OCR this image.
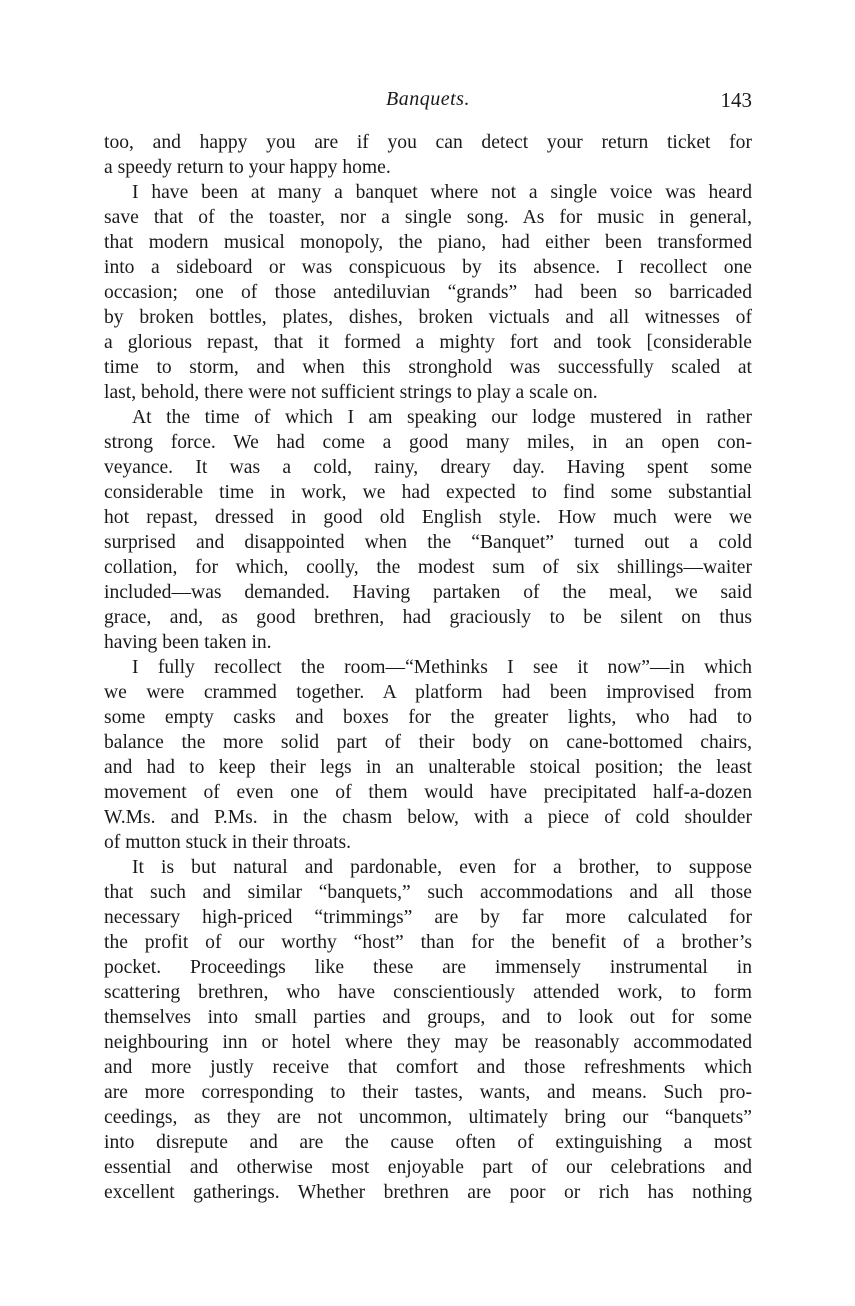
Banquets.	143

too, and happy you are if you can detect your return ticket for

a speedy return to your happy home.

I have been at many a banquet where not a single voice was heard

save that of the toaster, nor a single song. As for music in general,

that modern musical monopoly, the piano, had either been transformed

into a sideboard or was conspicuous by its absence. I recollect one

occasion; one of those antediluvian “grands” had been so barricaded

by broken bottles, plates, dishes, broken victuals and all witnesses of

a glorious repast, that it formed a mighty fort and took [considerable

time to storm, and when this stronghold was successfully scaled at

last, behold, there were not sufficient strings to play a scale on.

At the time of which I am speaking our lodge mustered in rather

strong force. We had come a good many miles, in an open con-

veyance. It was a cold, rainy, dreary day. Having spent some

considerable time in work, we had expected to find some substantial

hot repast, dressed in good old English style. How much were we

surprised and disappointed when the “Banquet” turned out a cold

collation, for which, coolly, the modest sum of six shillings—waiter

included—was demanded. Having partaken of the meal, we said

grace, and, as good brethren, had graciously to be silent on thus

having been taken in.

I fully recollect the room—“Methinks I see it now”—in which

we were crammed together. A platform had been improvised from

some empty casks and boxes for the greater lights, who had to

balance the more solid part of their body on cane-bottomed chairs,

and had to keep their legs in an unalterable stoical position; the least

movement of even one of them would have precipitated half-a-dozen

W.Ms. and P.Ms. in the chasm below, with a piece of cold shoulder

of mutton stuck in their throats.

It is but natural and pardonable, even for a brother, to suppose

that such and similar “banquets,” such accommodations and all those

necessary high-priced “trimmings” are by far more calculated for

the profit of our worthy “host” than for the benefit of a brother’s

pocket. Proceedings like these are immensely instrumental in

scattering brethren, who have conscientiously attended work, to form

themselves into small parties and groups, and to look out for some

neighbouring inn or hotel where they may be reasonably accommodated

and more justly receive that comfort and those refreshments which

are more corresponding to their tastes, wants, and means. Such pro-

ceedings, as they are not uncommon, ultimately bring our “banquets”

into disrepute and are the cause often of extinguishing a most

essential and otherwise most enjoyable part of our celebrations and

excellent gatherings. Whether brethren are poor or rich has nothing
